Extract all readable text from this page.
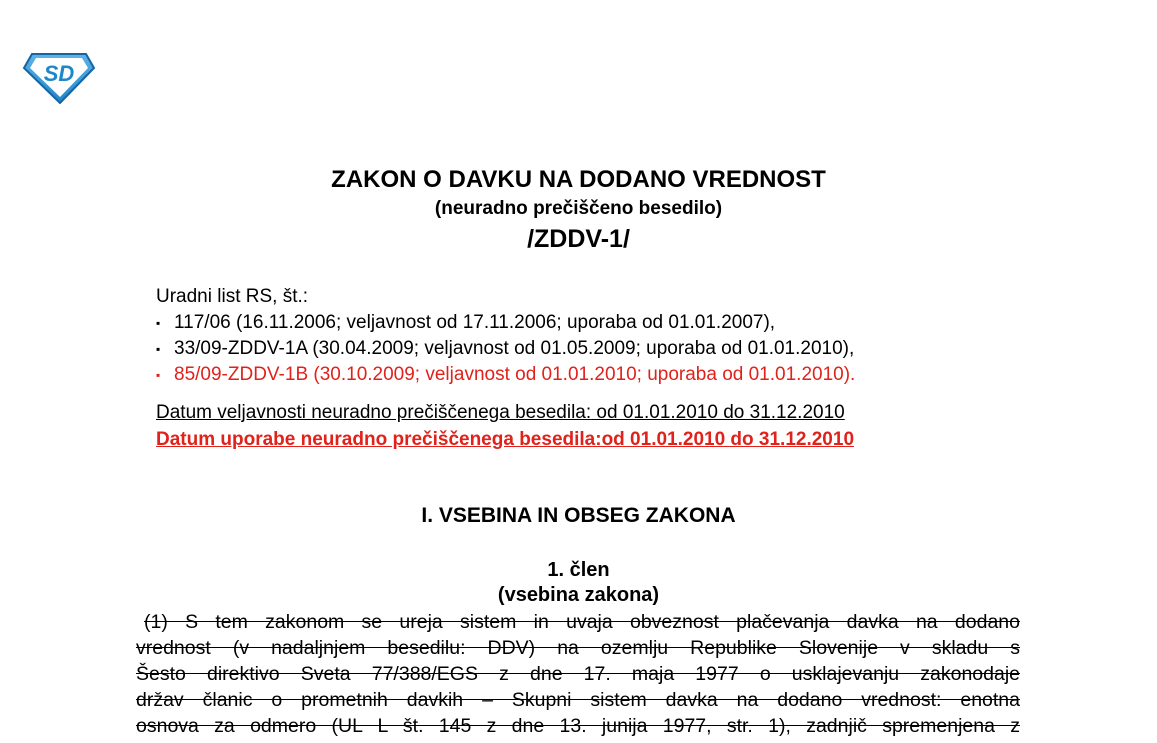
SD
ZAKON O DAVKU NA DODANO VREDNOST
(neuradno prečiščeno besedilo)
/ZDDV-1/
Uradni list RS, št.:
▪ 117/06 (16.11.2006; veljavnost od 17.11.2006; uporaba od 01.01.2007),
▪ 33/09-ZDDV-1A (30.04.2009; veljavnost od 01.05.2009; uporaba od 01.01.2010),
▪ 85/09-ZDDV-1B (30.10.2009; veljavnost od 01.01.2010; uporaba od 01.01.2010).
Datum veljavnosti neuradno prečiščenega besedila: od 01.01.2010 do 31.12.2010
Datum uporabe neuradno prečiščenega besedila:od 01.01.2010 do 31.12.2010
I. VSEBINA IN OBSEG ZAKONA
1. člen
(vsebina zakona)
(1) S tem zakonom se ureja sistem in uvaja obveznost plačevanja davka na dodano
vrednost (v nadaljnjem besedilu: DDV) na ozemlju Republike Slovenije v skladu s
Šesto direktivo Sveta 77/388/EGS z dne 17. maja 1977 o usklajevanju zakonodaje
držav članic o prometnih davkih – Skupni sistem davka na dodano vrednost: enotna
osnova za odmero (UL L št. 145 z dne 13. junija 1977, str. 1), zadnjič spremenjena z
